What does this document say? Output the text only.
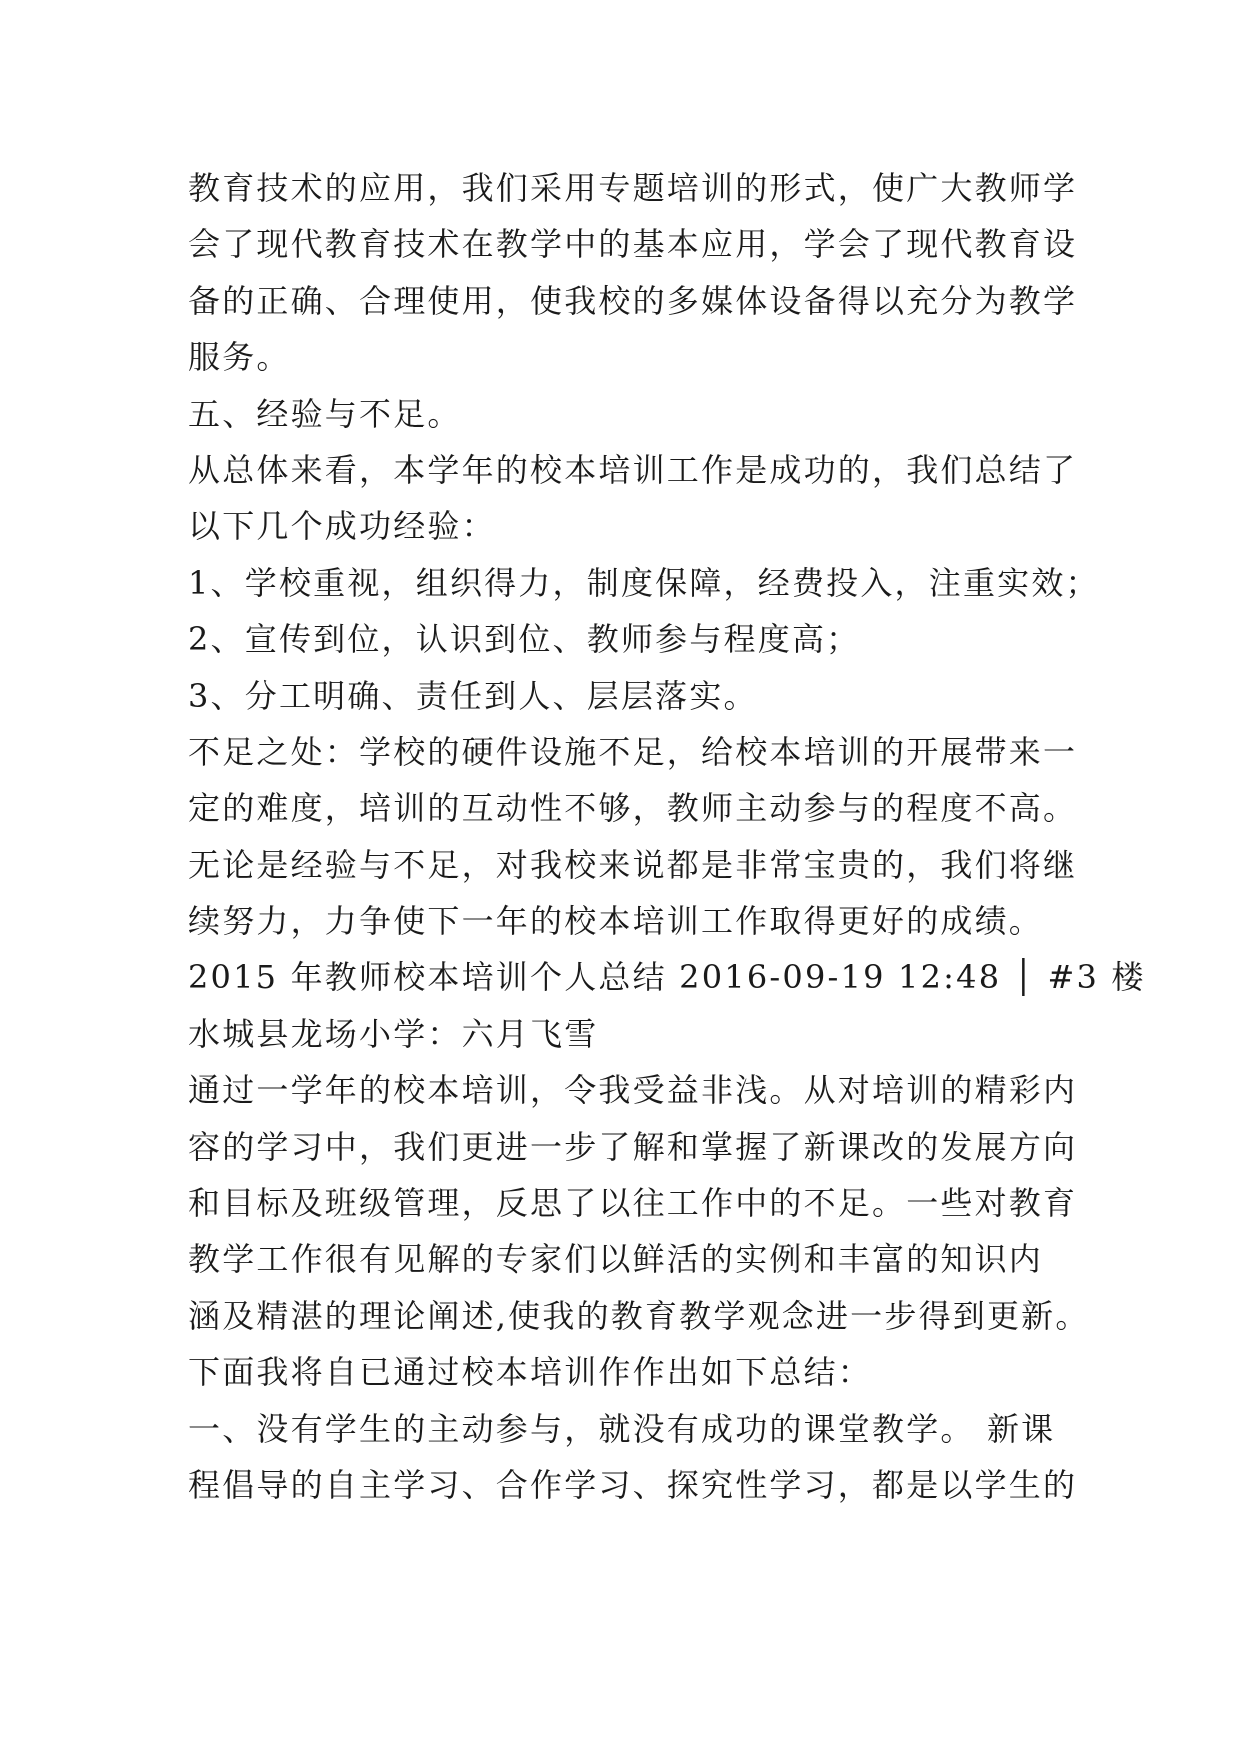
教育技术的应用，我们采用专题培训的形式，使广大教师学
会了现代教育技术在教学中的基本应用，学会了现代教育设
备的正确、合理使用，使我校的多媒体设备得以充分为教学
服务。
五、经验与不足。
从总体来看，本学年的校本培训工作是成功的，我们总结了
以下几个成功经验：
1、学校重视，组织得力，制度保障，经费投入，注重实效；
2、宣传到位，认识到位、教师参与程度高；
3、分工明确、责任到人、层层落实。
不足之处：学校的硬件设施不足，给校本培训的开展带来一
定的难度，培训的互动性不够，教师主动参与的程度不高。
无论是经验与不足，对我校来说都是非常宝贵的，我们将继
续努力，力争使下一年的校本培训工作取得更好的成绩。
2015 年教师校本培训个人总结 2016-09-19 12:48 │ #3 楼
水城县龙场小学：六月飞雪
通过一学年的校本培训，令我受益非浅。从对培训的精彩内
容的学习中，我们更进一步了解和掌握了新课改的发展方向
和目标及班级管理，反思了以往工作中的不足。一些对教育
教学工作很有见解的专家们以鲜活的实例和丰富的知识内
涵及精湛的理论阐述,使我的教育教学观念进一步得到更新。
下面我将自已通过校本培训作作出如下总结：
一、没有学生的主动参与，就没有成功的课堂教学。 新课
程倡导的自主学习、合作学习、探究性学习，都是以学生的
